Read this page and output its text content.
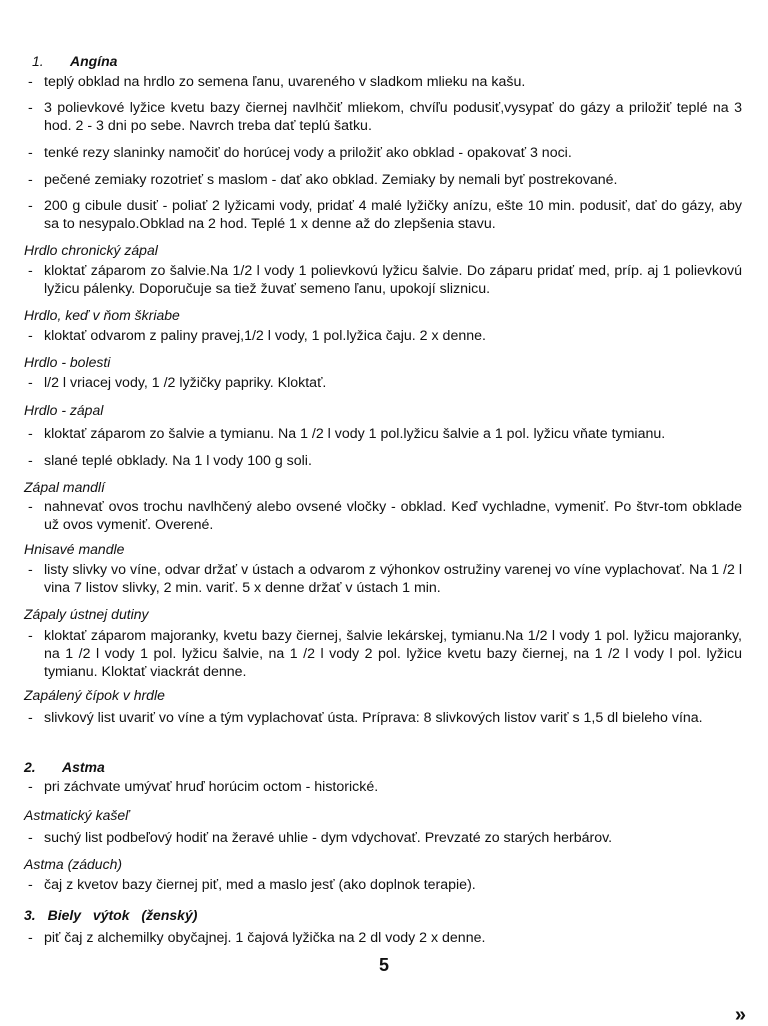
1. Angína
- teplý obklad na hrdlo zo semena ľanu, uvareného v sladkom mlieku na kašu.
- 3 polievkové lyžice kvetu bazy čiernej navlhčiť mliekom, chvíľu podusiť,vysypať do gázy a priložiť teplé na 3 hod. 2 - 3 dni po sebe. Navrch treba dať teplú šatku.
- tenké rezy slaninky namočiť do horúcej vody a priložiť ako obklad - opakovať 3 noci.
- pečené zemiaky rozotrieť s maslom - dať ako obklad. Zemiaky by nemali byť postrekované.
- 200 g cibule dusiť - poliať 2 lyžicami vody, pridať 4 malé lyžičky anízu, ešte 10 min. podusiť, dať do gázy, aby sa to nesypalo.Obklad na 2 hod. Teplé 1 x denne až do zlepšenia stavu.
Hrdlo chronický zápal
- kloktať záparom zo šalvie.Na 1/2 l vody 1 polievkovú lyžicu šalvie. Do záparu pridať med, príp. aj 1 polievkovú lyžicu pálenky. Doporučuje sa tiež žuvať semeno ľanu, upokojí sliznicu.
Hrdlo, keď v ňom škriabe
- kloktať odvarom z paliny pravej,1/2 l vody, 1 pol.lyžica čaju. 2 x denne.
Hrdlo - bolesti
- l/2 l vriacej vody, 1 /2 lyžičky papriky. Kloktať.
Hrdlo - zápal
- kloktať záparom zo šalvie a tymianu. Na 1 /2 l vody 1 pol.lyžicu šalvie a 1 pol. lyžicu vňate tymianu.
- slané teplé obklady. Na 1 l vody 100 g soli.
Zápal mandlí
- nahnevať ovos trochu navlhčený alebo ovsené vločky - obklad. Keď vychladne, vymeniť. Po štvr-tom obklade už ovos vymeniť. Overené.
Hnisavé mandle
- listy slivky vo víne, odvar držať v ústach a odvarom z výhonkov ostružiny varenej vo víne vyplachovať. Na 1 /2 l vina 7 listov slivky, 2 min. variť. 5 x denne držať v ústach 1 min.
Zápaly ústnej dutiny
- kloktať záparom majoranky, kvetu bazy čiernej, šalvie lekárskej, tymianu.Na 1/2 l vody 1 pol. lyžicu majoranky, na 1 /2 l vody 1 pol. lyžicu šalvie, na 1 /2 l vody 2 pol. lyžice kvetu bazy čiernej, na 1 /2 l vody l pol. lyžicu tymianu. Kloktať viackrát denne.
Zapálený čípok v hrdle
- slivkový list uvariť vo víne a tým vyplachovať ústa. Príprava: 8 slivkových listov variť s 1,5 dl bieleho vína.
2. Astma
- pri záchvate umývať hruď horúcim octom - historické.
Astmatický kašeľ
- suchý list podbeľový hodiť na žeravé uhlie - dym vdychovať. Prevzaté zo starých herbárov.
Astma (záduch)
- čaj z kvetov bazy čiernej piť, med a maslo jesť (ako doplnok terapie).
3. Biely výtok (ženský)
- piť čaj z alchemilky obyčajnej. 1 čajová lyžička na 2 dl vody 2 x denne.
5
»
